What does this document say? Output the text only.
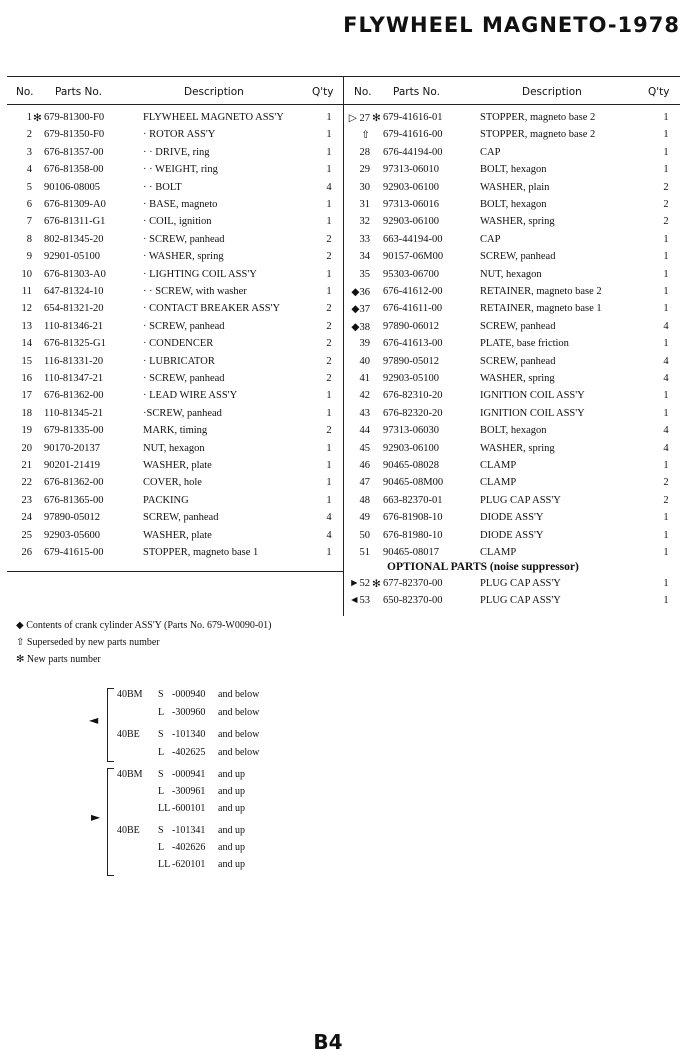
FLYWHEEL MAGNETO-1978
No. Parts No.	Description	Q'ty No. Parts No.	Description	Q'ty
1 ✻ 679-81300-F0	FLYWHEEL MAGNETO ASS'Y	1
2 679-81350-F0	· ROTOR ASS'Y	1
3 676-81357-00	· · DRIVE, ring	1
4 676-81358-00	· · WEIGHT, ring	1
5 90106-08005	· · BOLT	4
6 676-81309-A0	· BASE, magneto	1
7 676-81311-G1	· COIL, ignition	1
8 802-81345-20	· SCREW, panhead	2
9 92901-05100	· WASHER, spring	2
10 676-81303-A0	· LIGHTING COIL ASS'Y	1
11 647-81324-10	· · SCREW, with washer	1
12 654-81321-20	· CONTACT BREAKER ASS'Y	2
13 110-81346-21	· SCREW, panhead	2
14 676-81325-G1	· CONDENCER	2
15 116-81331-20	· LUBRICATOR	2
16 110-81347-21	· SCREW, panhead	2
17 676-81362-00	· LEAD WIRE ASS'Y	1
18 110-81345-21	·SCREW, panhead	1
19 679-81335-00	MARK, timing	2
20 90170-20137	NUT, hexagon	1
21 90201-21419	WASHER, plate	1
22 676-81362-00	COVER, hole	1
23 676-81365-00	PACKING	1
24 97890-05012	SCREW, panhead	4
25 92903-05600	WASHER, plate	4
26 679-41615-00	STOPPER, magneto base 1	1
▷ 27 ✻ 679-41616-01	STOPPER, magneto base 2	1
⇧ 679-41616-00	STOPPER, magneto base 2	1
28 676-44194-00	CAP	1
29 97313-06010	BOLT, hexagon	1
30 92903-06100	WASHER, plain	2
31 97313-06016	BOLT, hexagon	2
32 92903-06100	WASHER, spring	2
33 663-44194-00	CAP	1
34 90157-06M00	SCREW, panhead	1
35 95303-06700	NUT, hexagon	1
◆36 676-41612-00	RETAINER, magneto base 2	1
◆37 676-41611-00	RETAINER, magneto base 1	1
◆38 97890-06012	SCREW, panhead	4
39 676-41613-00	PLATE, base friction	1
40 97890-05012	SCREW, panhead	4
41 92903-05100	WASHER, spring	4
42 676-82310-20	IGNITION COIL ASS'Y	1
43 676-82320-20	IGNITION COIL ASS'Y	1
44 97313-06030	BOLT, hexagon	4
45 92903-06100	WASHER, spring	4
46 90465-08028	CLAMP	1
47 90465-08M00	CLAMP	2
48 663-82370-01	PLUG CAP ASS'Y	2
49 676-81908-10	DIODE ASS'Y	1
50 676-81980-10	DIODE ASS'Y	1
51 90465-08017	CLAMP	1
OPTIONAL PARTS (noise suppressor)
►52 ✻ 677-82370-00	PLUG CAP ASS'Y	1
◄53 650-82370-00	PLUG CAP ASS'Y	1
◆ Contents of crank cylinder ASS'Y (Parts No. 679-W0090-01)
⇧ Superseded by new parts number
✻ New parts number
◄
40BM S -000940 and below
L -300960 and below
40BE S -101340 and below
L -402625 and below
►
40BM S -000941 and up
L -300961 and up
LL -600101 and up
40BE S -101341 and up
L -402626 and up
LL -620101 and up
B4
